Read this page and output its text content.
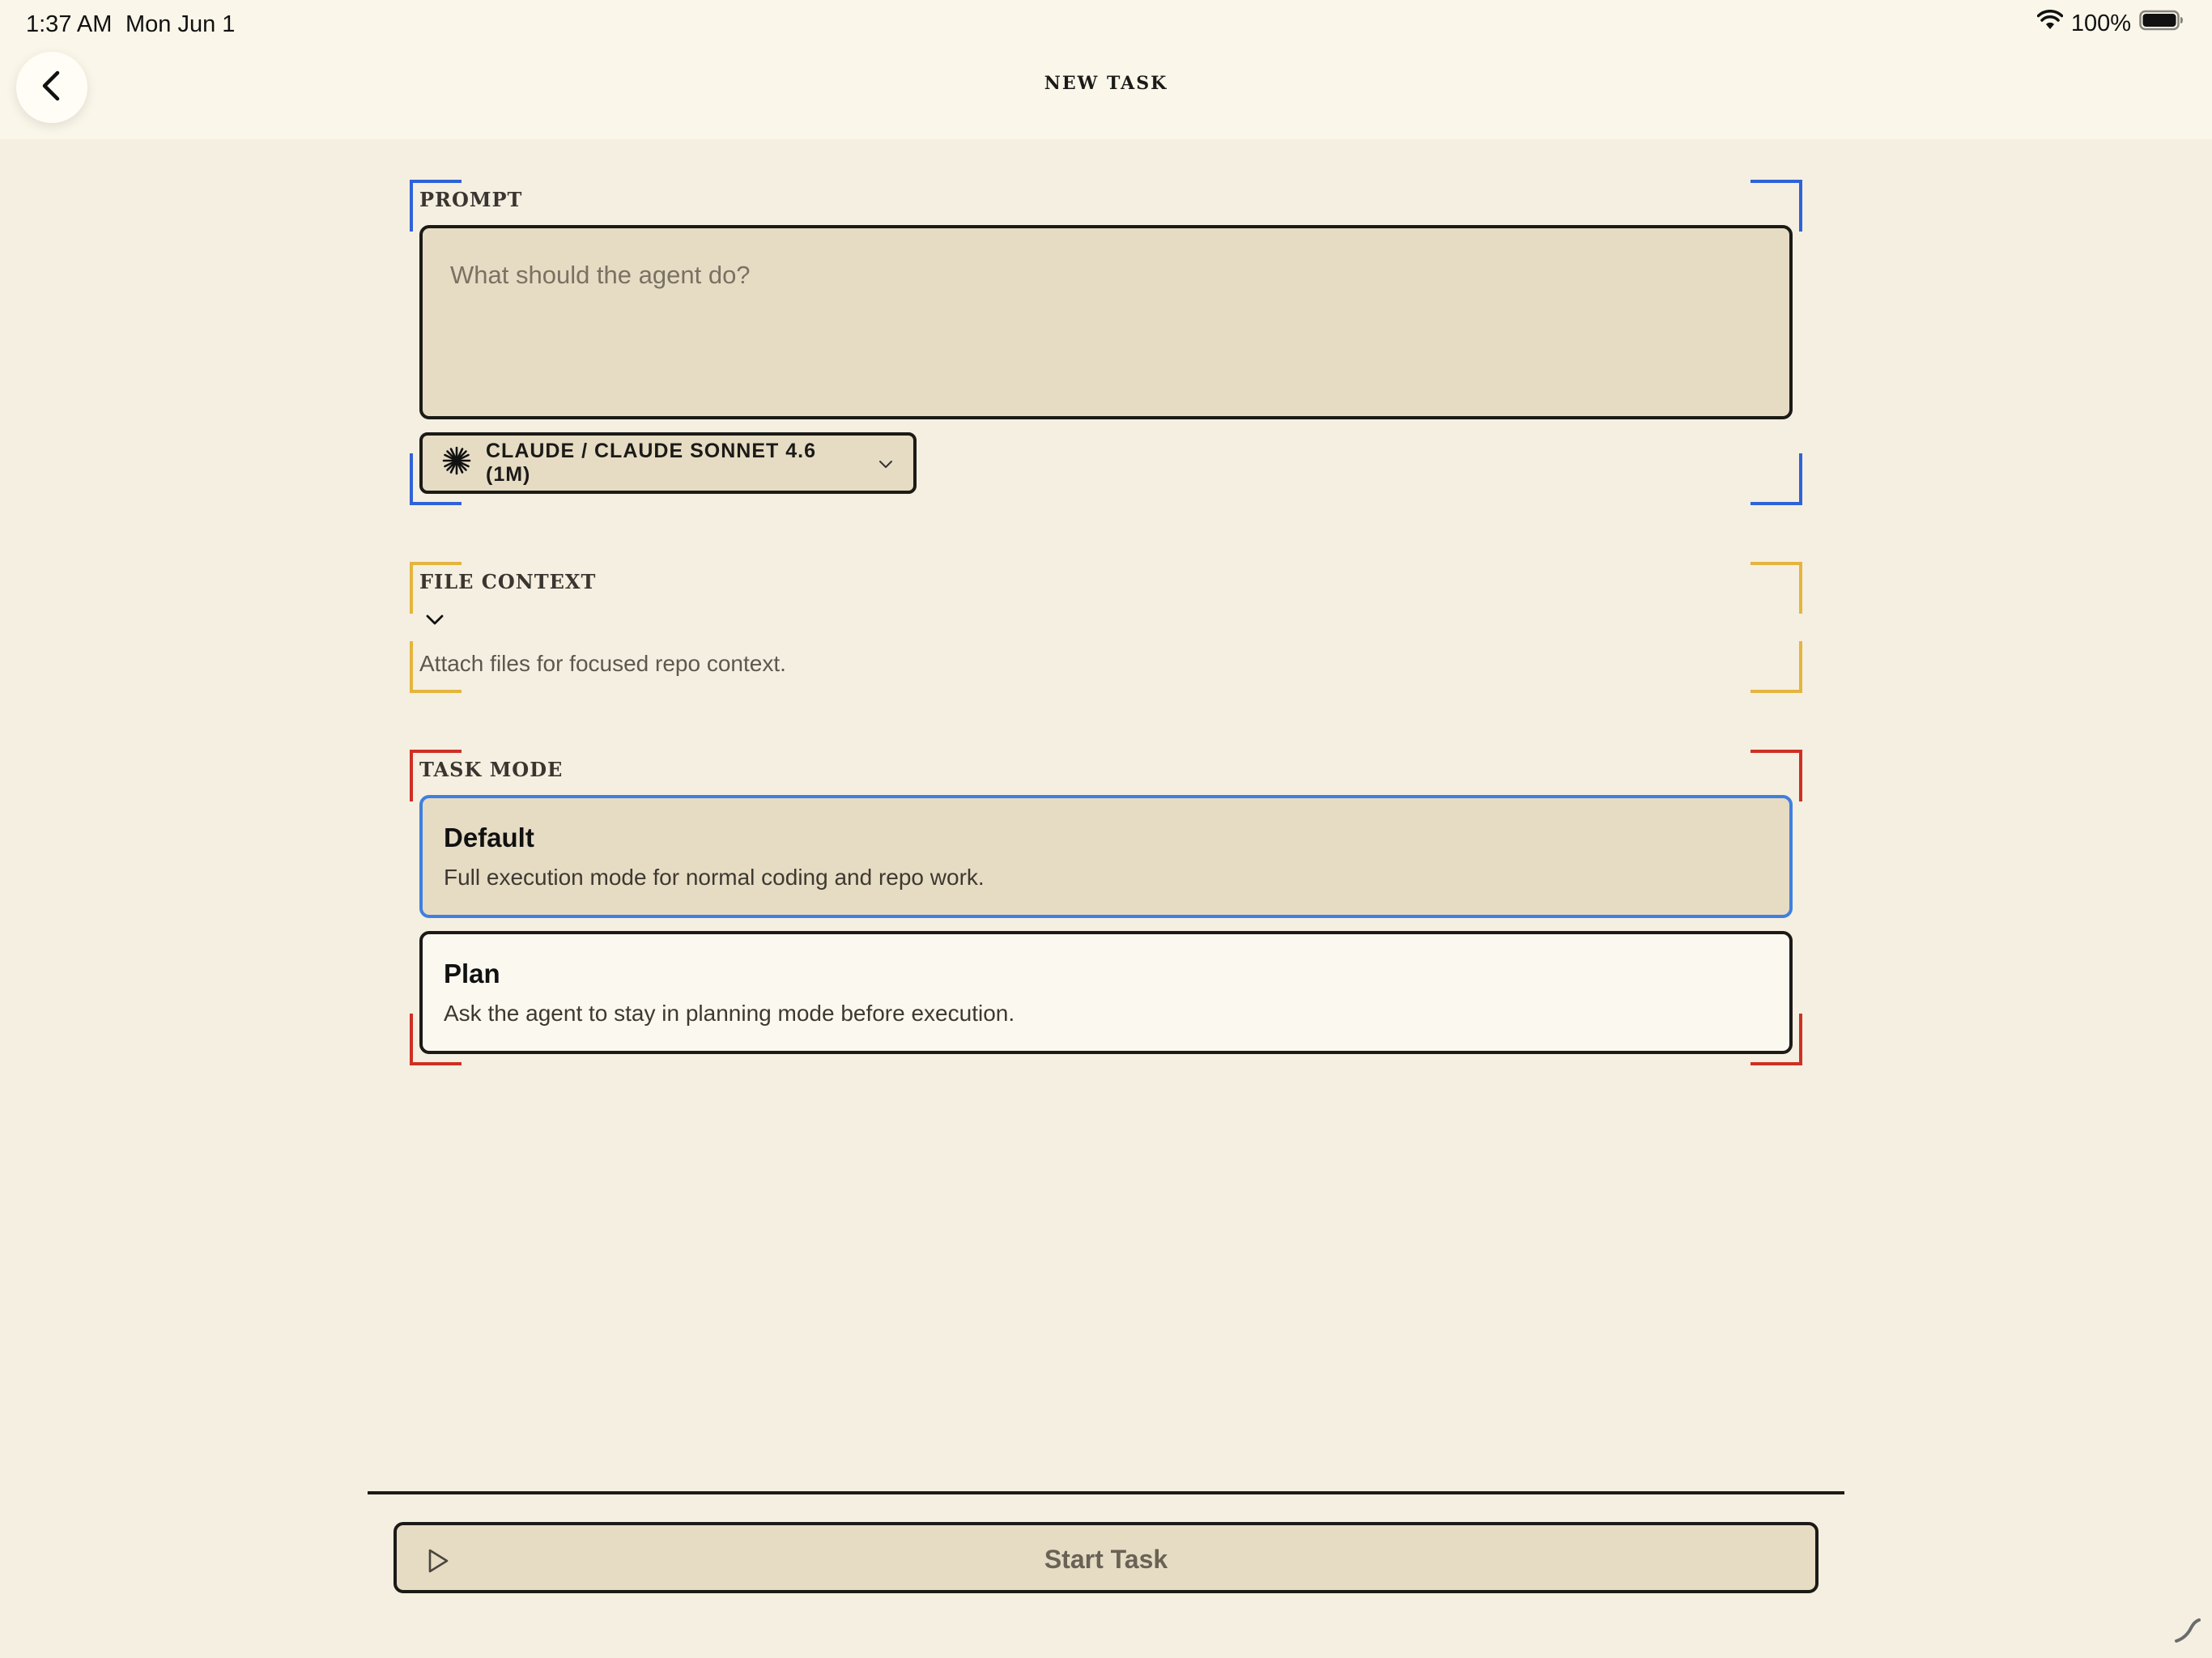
1:37 AM Mon Jun 1	100%
NEW TASK
PROMPT
What should the agent do?
CLAUDE / CLAUDE SONNET 4.6 (1M)
FILE CONTEXT
Attach files for focused repo context.
TASK MODE
Default
Full execution mode for normal coding and repo work.
Plan
Ask the agent to stay in planning mode before execution.
Start Task
